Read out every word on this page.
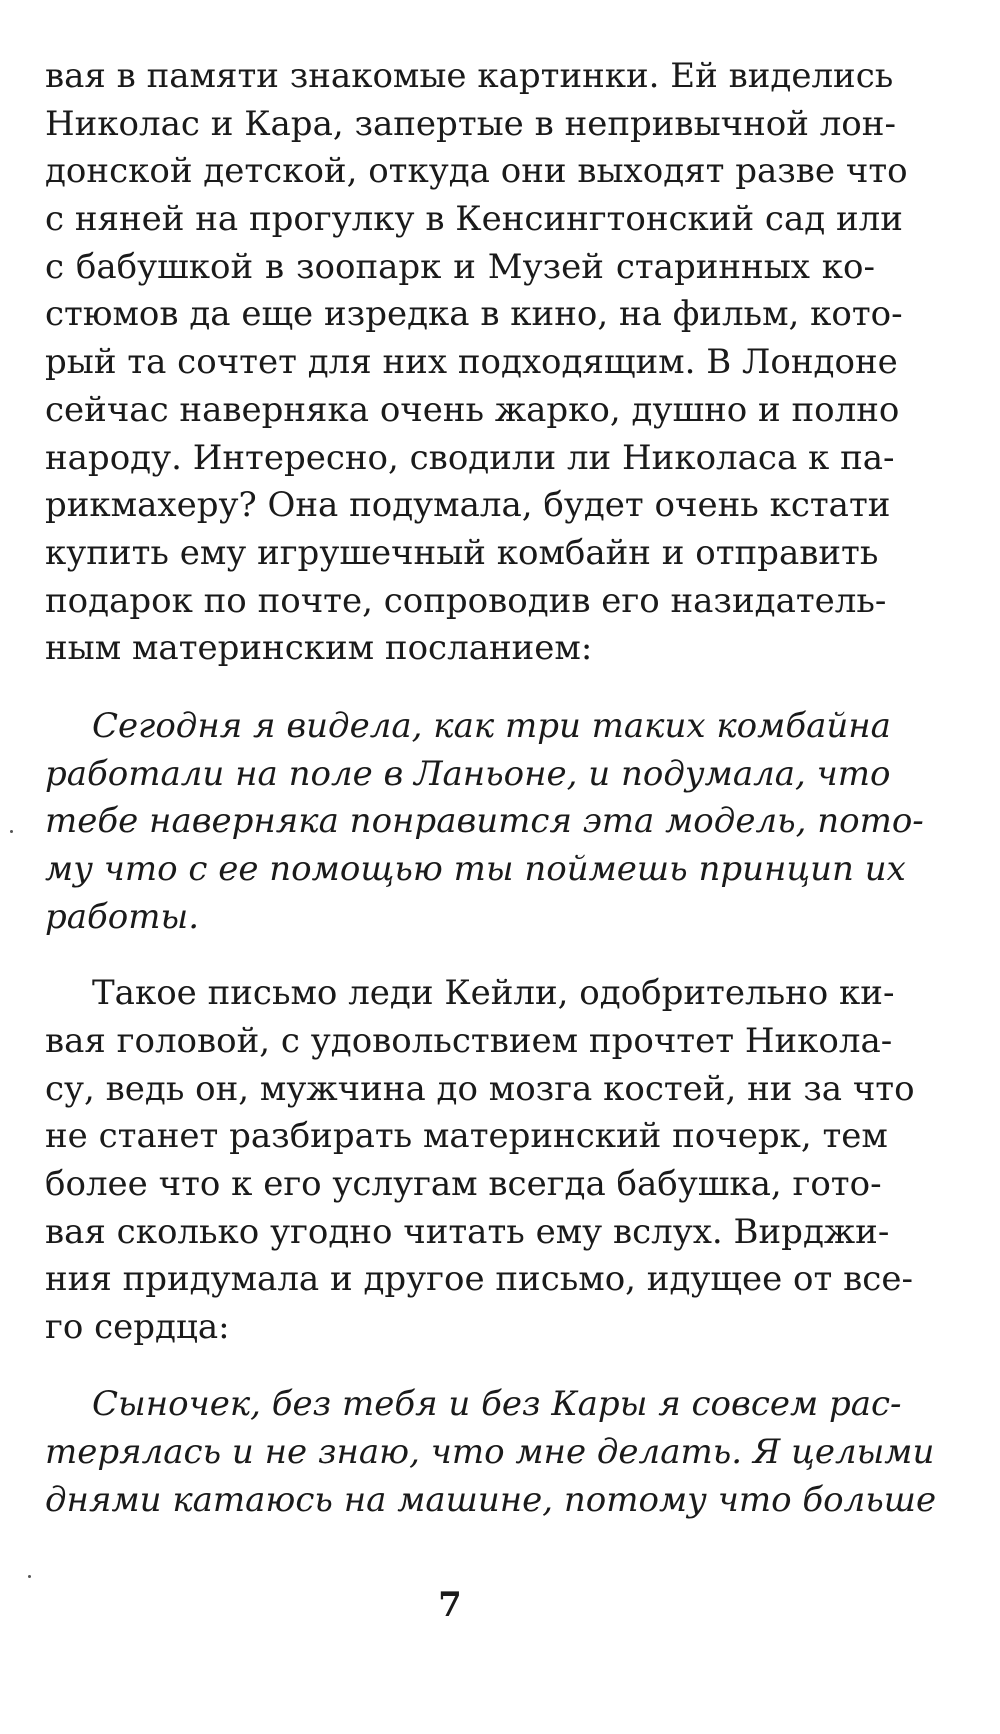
вая в памяти знакомые картинки. Ей виделись
Николас и Кара, запертые в непривычной лон-
донской детской, откуда они выходят разве что
с няней на прогулку в Кенсингтонский сад или
с бабушкой в зоопарк и Музей старинных ко-
стюмов да еще изредка в кино, на фильм, кото-
рый та сочтет для них подходящим. В Лондоне
сейчас наверняка очень жарко, душно и полно
народу. Интересно, сводили ли Николаса к па-
рикмахеру? Она подумала, будет очень кстати
купить ему игрушечный комбайн и отправить
подарок по почте, сопроводив его назидатель-
ным материнским посланием:
Сегодня я видела, как три таких комбайна
работали на поле в Ланьоне, и подумала, что
тебе наверняка понравится эта модель, пото-
му что с ее помощью ты поймешь принцип их
работы.
Такое письмо леди Кейли, одобрительно ки-
вая головой, с удовольствием прочтет Никола-
су, ведь он, мужчина до мозга костей, ни за что
не станет разбирать материнский почерк, тем
более что к его услугам всегда бабушка, гото-
вая сколько угодно читать ему вслух. Вирджи-
ния придумала и другое письмо, идущее от все-
го сердца:
Сыночек, без тебя и без Кары я совсем рас-
терялась и не знаю, что мне делать. Я целыми
днями катаюсь на машине, потому что больше
7
